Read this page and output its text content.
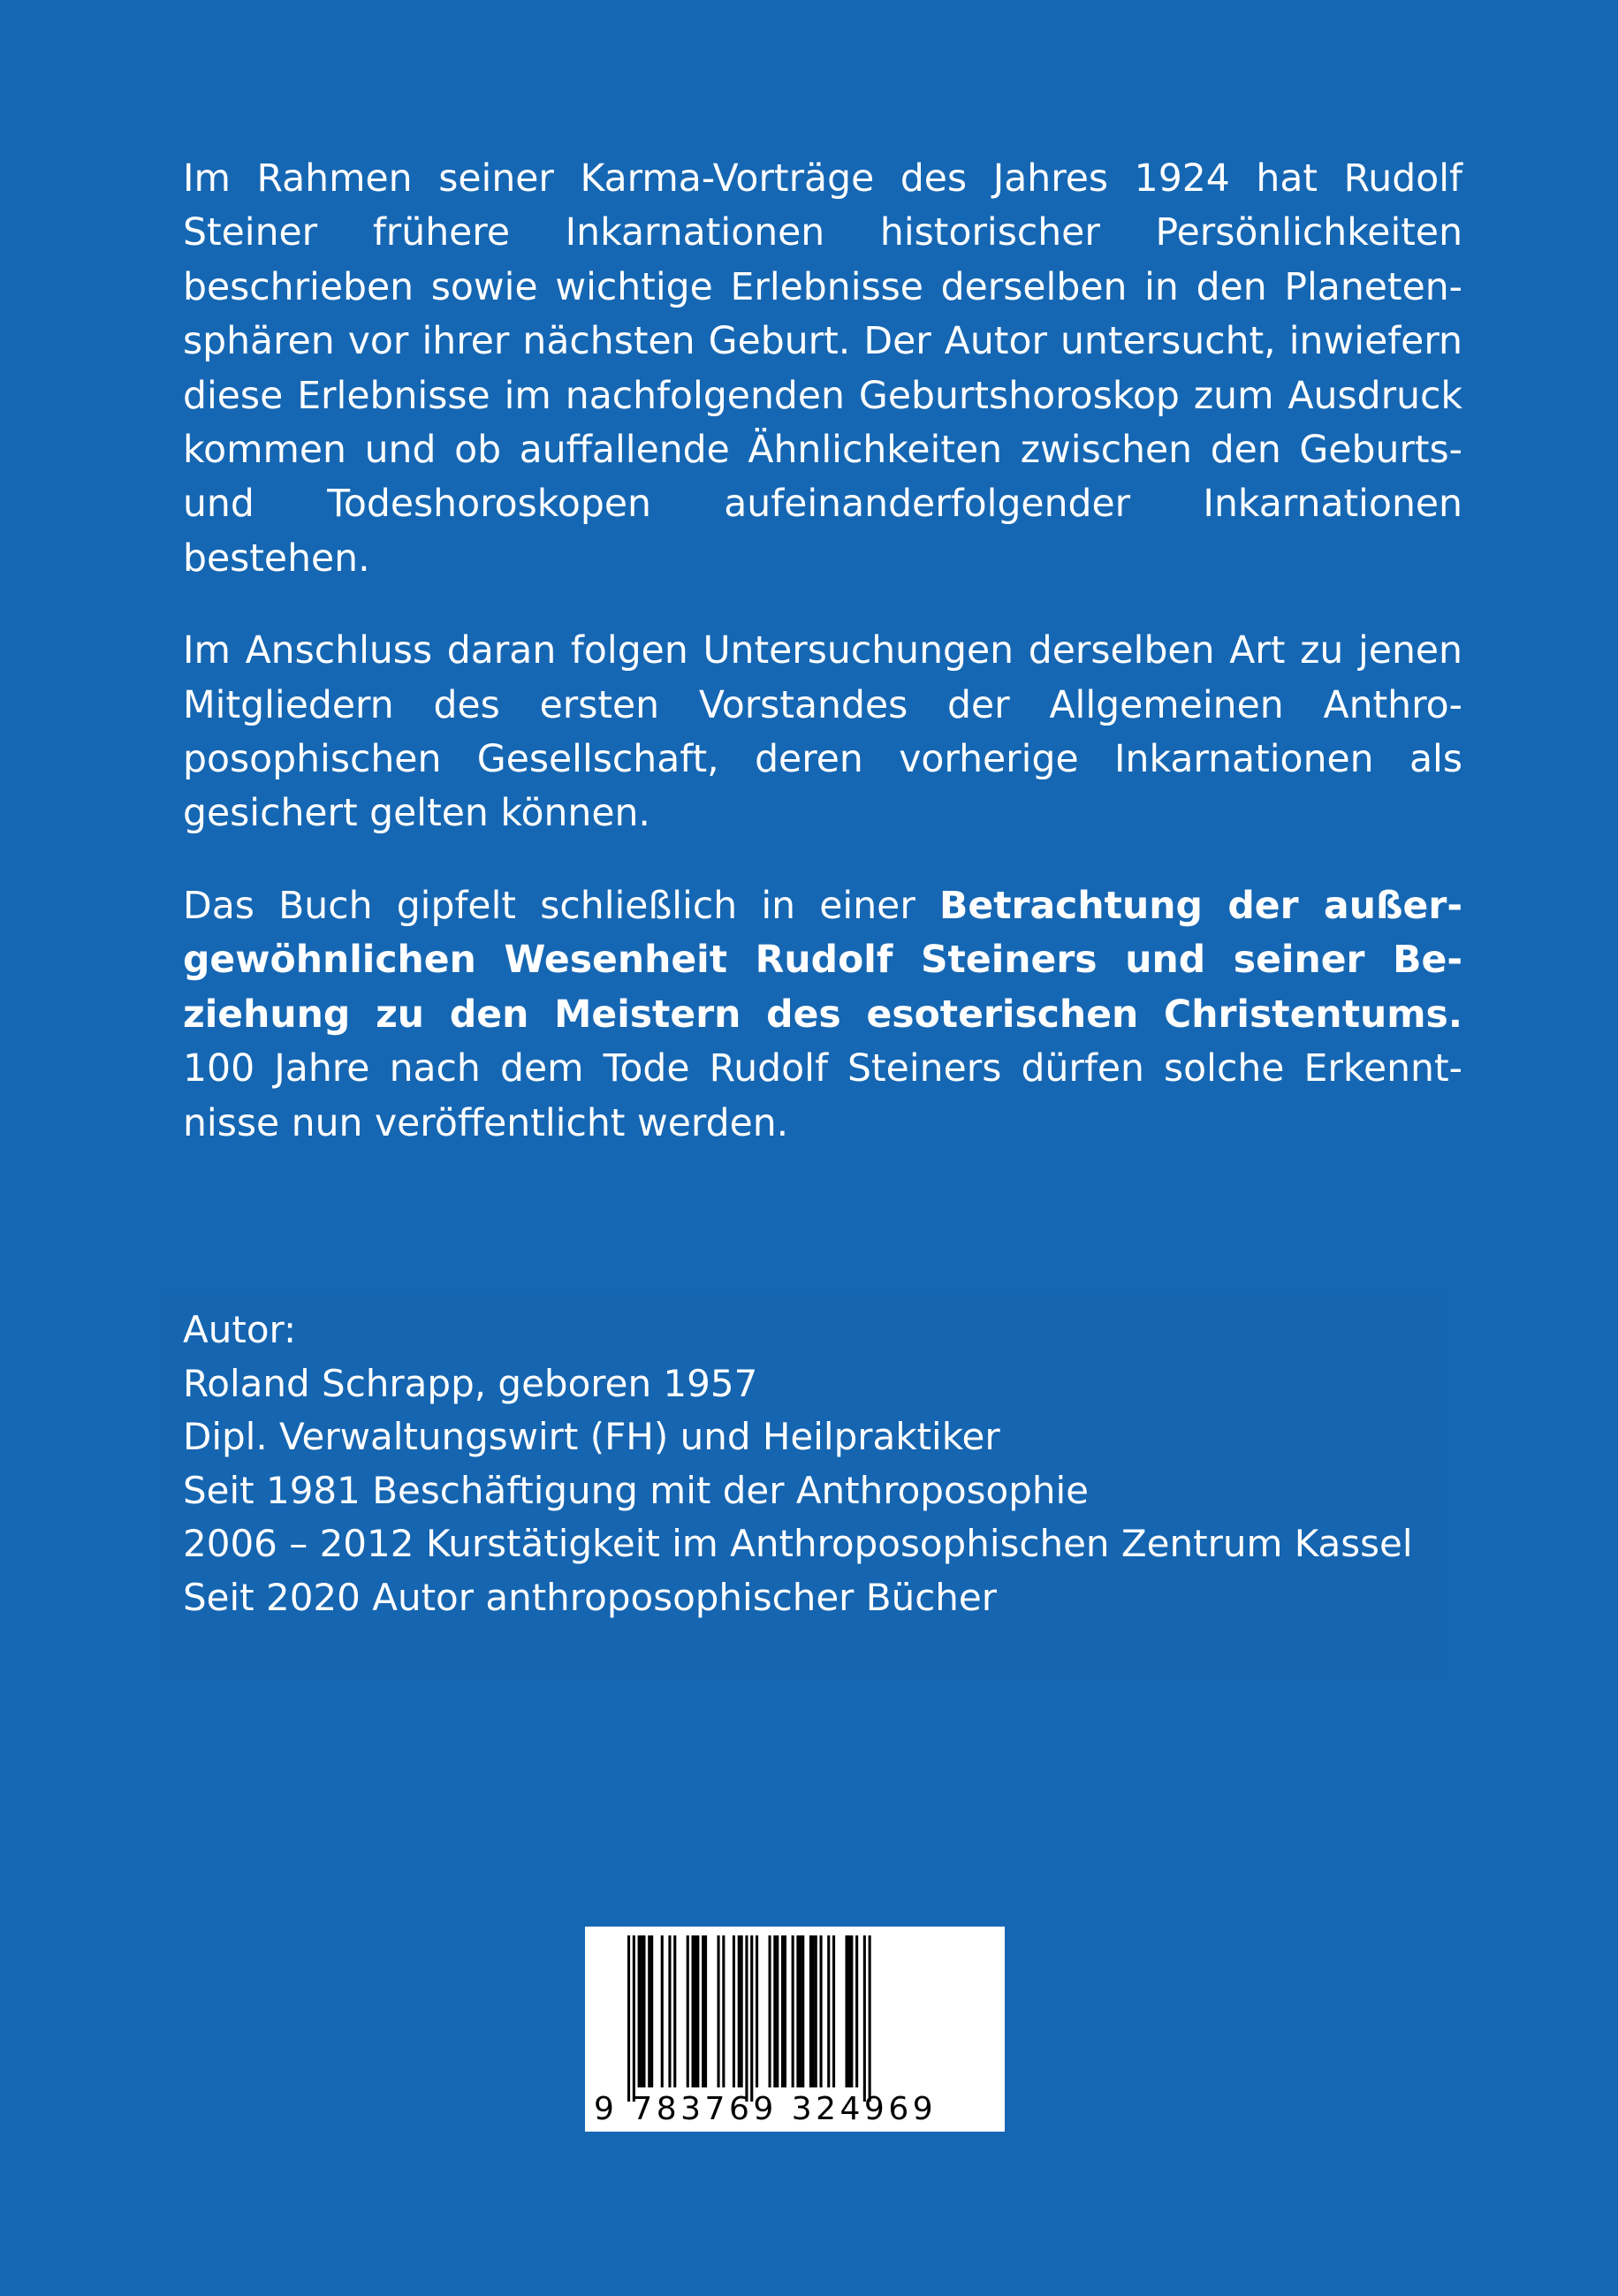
Im Rahmen seiner Karma-Vorträge des Jahres 1924 hat Rudolf Steiner frühere Inkarnationen historischer Persönlichkeiten beschrieben sowie wichtige Erlebnisse derselben in den Planetensphären vor ihrer nächsten Geburt. Der Autor untersucht, inwiefern diese Erlebnisse im nachfolgenden Geburtshoroskop zum Ausdruck kommen und ob auffallende Ähnlichkeiten zwischen den Geburts- und Todeshoroskopen aufeinanderfolgender Inkarnationen bestehen.

Im Anschluss daran folgen Untersuchungen derselben Art zu jenen Mitgliedern des ersten Vorstandes der Allgemeinen Anthroposophischen Gesellschaft, deren vorherige Inkarnationen als gesichert gelten können.

Das Buch gipfelt schließlich in einer Betrachtung der außergewöhnlichen Wesenheit Rudolf Steiners und seiner Beziehung zu den Meistern des esoterischen Christentums. 100 Jahre nach dem Tode Rudolf Steiners dürfen solche Erkenntnisse nun veröffentlicht werden.

Autor:
Roland Schrapp, geboren 1957
Dipl. Verwaltungswirt (FH) und Heilpraktiker
Seit 1981 Beschäftigung mit der Anthroposophie
2006 – 2012 Kurstätigkeit im Anthroposophischen Zentrum Kassel
Seit 2020 Autor anthroposophischer Bücher
9 783769 324969
